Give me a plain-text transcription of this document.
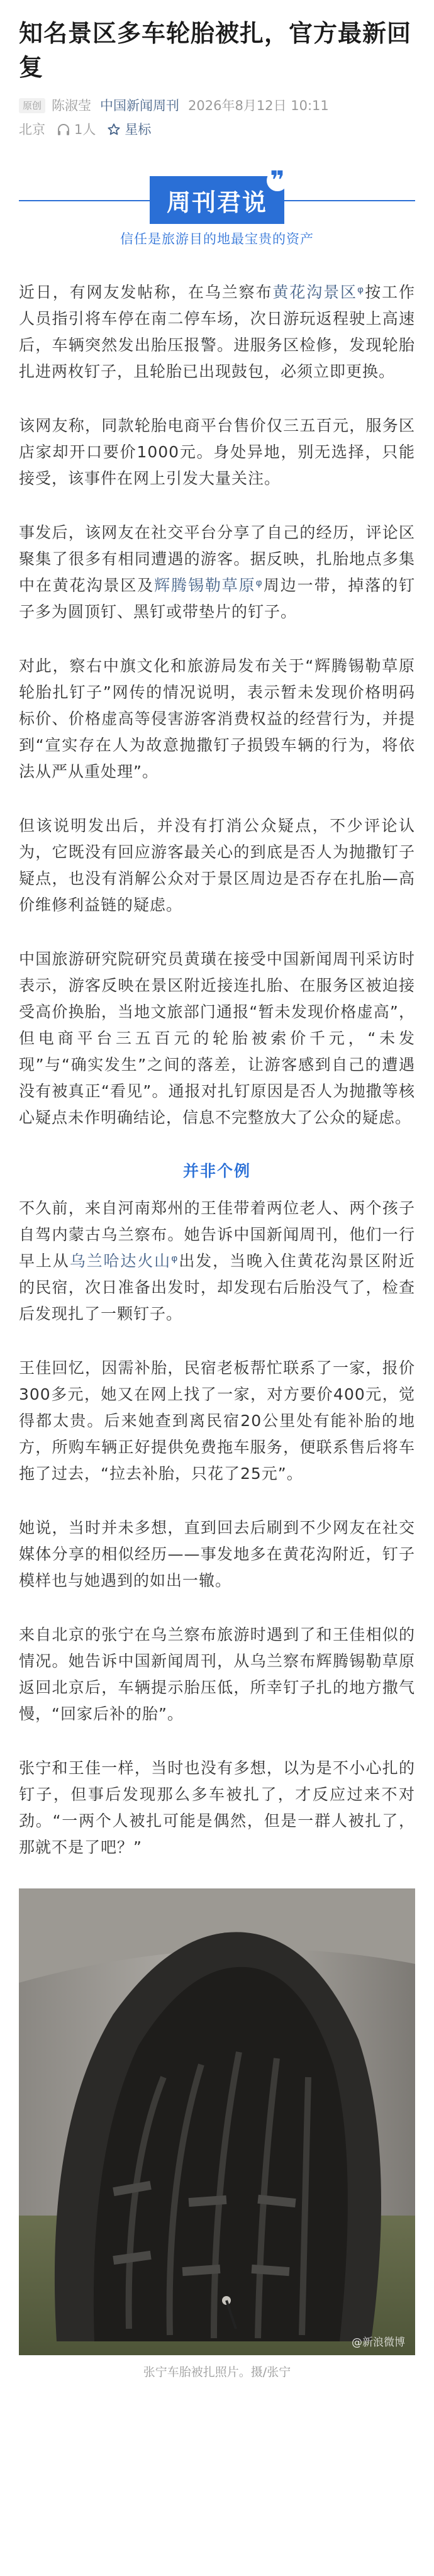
知名景区多车轮胎被扎，官方最新回复
原创 陈淑莹 中国新闻周刊 2026年8月12日 10:11
北京 1人 星标
周刊君说
❞
信任是旅游目的地最宝贵的资产

近日，有网友发帖称，在乌兰察布黄花沟景区ᵠ按工作人员指引将车停在南二停车场，次日游玩返程驶上高速后，车辆突然发出胎压报警。进服务区检修，发现轮胎扎进两枚钉子，且轮胎已出现鼓包，必须立即更换。

该网友称，同款轮胎电商平台售价仅三五百元，服务区店家却开口要价1000元。身处异地，别无选择，只能接受，该事件在网上引发大量关注。

事发后，该网友在社交平台分享了自己的经历，评论区聚集了很多有相同遭遇的游客。据反映，扎胎地点多集中在黄花沟景区及辉腾锡勒草原ᵠ周边一带，掉落的钉子多为圆顶钉、黑钉或带垫片的钉子。

对此，察右中旗文化和旅游局发布关于“辉腾锡勒草原轮胎扎钉子”网传的情况说明，表示暂未发现价格明码标价、价格虚高等侵害游客消费权益的经营行为，并提到“宣实存在人为故意抛撒钉子损毁车辆的行为，将依法从严从重处理”。

但该说明发出后，并没有打消公众疑点，不少评论认为，它既没有回应游客最关心的到底是否人为抛撒钉子疑点，也没有消解公众对于景区周边是否存在扎胎—高价维修利益链的疑虑。

中国旅游研究院研究员黄璜在接受中国新闻周刊采访时表示，游客反映在景区附近接连扎胎、在服务区被迫接受高价换胎，当地文旅部门通报“暂未发现价格虚高”，但电商平台三五百元的轮胎被索价千元，“未发现”与“确实发生”之间的落差，让游客感到自己的遭遇没有被真正“看见”。通报对扎钉原因是否人为抛撒等核心疑点未作明确结论，信息不完整放大了公众的疑虑。

并非个例

不久前，来自河南郑州的王佳带着两位老人、两个孩子自驾内蒙古乌兰察布。她告诉中国新闻周刊，他们一行早上从乌兰哈达火山ᵠ出发，当晚入住黄花沟景区附近的民宿，次日准备出发时，却发现右后胎没气了，检查后发现扎了一颗钉子。

王佳回忆，因需补胎，民宿老板帮忙联系了一家，报价300多元，她又在网上找了一家，对方要价400元，觉得都太贵。后来她查到离民宿20公里处有能补胎的地方，所购车辆正好提供免费拖车服务，便联系售后将车拖了过去，“拉去补胎，只花了25元”。

她说，当时并未多想，直到回去后刷到不少网友在社交媒体分享的相似经历——事发地多在黄花沟附近，钉子模样也与她遇到的如出一辙。

来自北京的张宁在乌兰察布旅游时遇到了和王佳相似的情况。她告诉中国新闻周刊，从乌兰察布辉腾锡勒草原返回北京后，车辆提示胎压低，所幸钉子扎的地方撒气慢，“回家后补的胎”。

张宁和王佳一样，当时也没有多想，以为是不小心扎的钉子，但事后发现那么多车被扎了，才反应过来不对劲。“一两个人被扎可能是偶然，但是一群人被扎了，那就不是了吧？”

@新浪微博
张宁车胎被扎照片。摄/张宁
